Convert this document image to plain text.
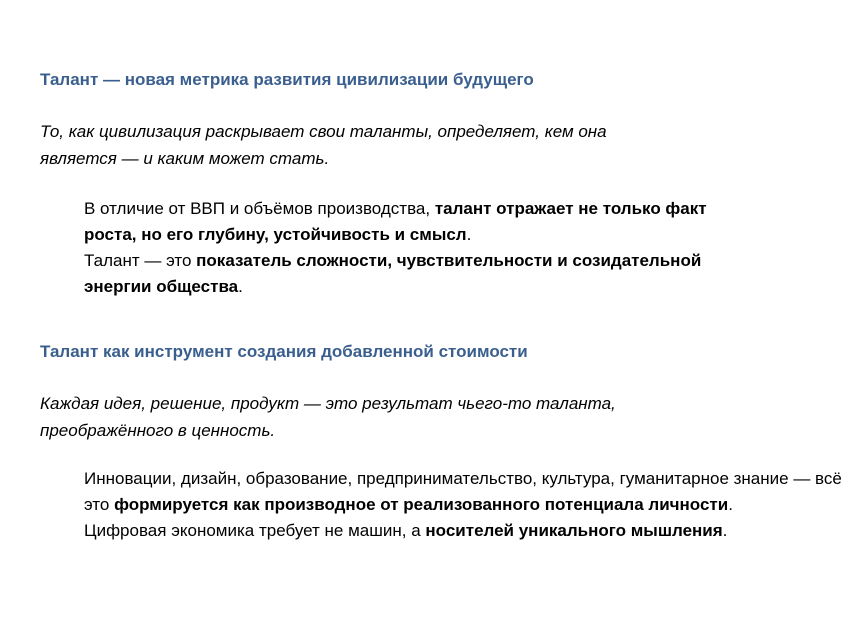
Талант — новая метрика развития цивилизации будущего
То, как цивилизация раскрывает свои таланты, определяет, кем она
является — и каким может стать.

В отличие от ВВП и объёмов производства, талант отражает не только факт роста, но его глубину, устойчивость и смысл.

Талант — это показатель сложности, чувствительности и созидательной энергии общества.

Талант как инструмент создания добавленной стоимости
Каждая идея, решение, продукт — это результат чьего-то таланта,
преображённого в ценность.

Инновации, дизайн, образование, предпринимательство, культура, гуманитарное знание — всё это формируется как производное от реализованного потенциала личности.

Цифровая экономика требует не машин, а носителей уникального мышления.
